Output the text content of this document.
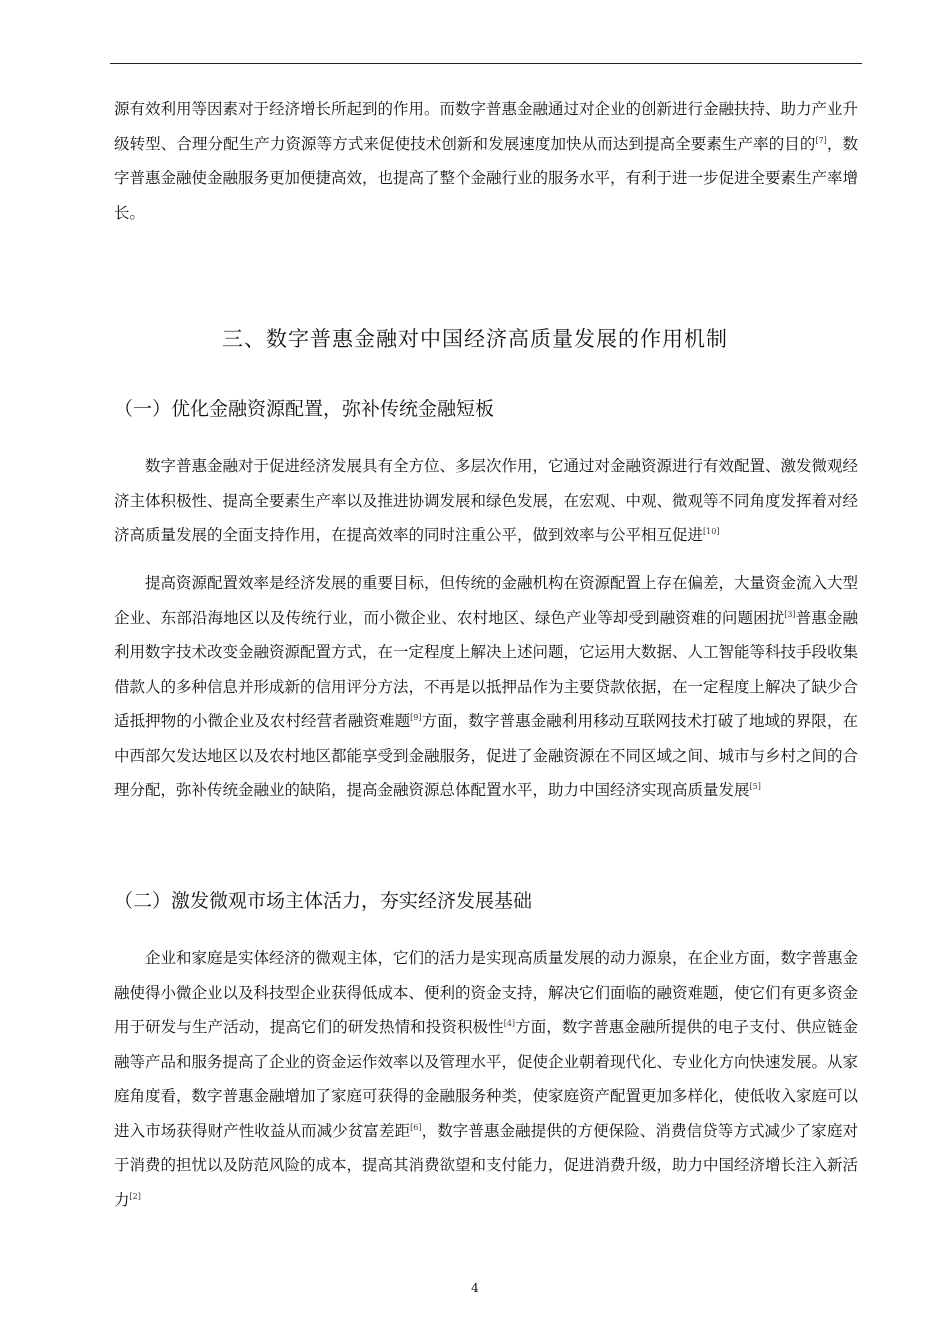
源有效利用等因素对于经济增长所起到的作用。而数字普惠金融通过对企业的创新进行金融扶持、助力产业升级转型、合理分配生产力资源等方式来促使技术创新和发展速度加快从而达到提高全要素生产率的目的[7]，数字普惠金融使金融服务更加便捷高效，也提高了整个金融行业的服务水平，有利于进一步促进全要素生产率增长。

三、数字普惠金融对中国经济高质量发展的作用机制
（一）优化金融资源配置，弥补传统金融短板

数字普惠金融对于促进经济发展具有全方位、多层次作用，它通过对金融资源进行有效配置、激发微观经济主体积极性、提高全要素生产率以及推进协调发展和绿色发展，在宏观、中观、微观等不同角度发挥着对经济高质量发展的全面支持作用，在提高效率的同时注重公平，做到效率与公平相互促进[10]

提高资源配置效率是经济发展的重要目标，但传统的金融机构在资源配置上存在偏差，大量资金流入大型企业、东部沿海地区以及传统行业，而小微企业、农村地区、绿色产业等却受到融资难的问题困扰[3]普惠金融利用数字技术改变金融资源配置方式，在一定程度上解决上述问题，它运用大数据、人工智能等科技手段收集借款人的多种信息并形成新的信用评分方法，不再是以抵押品作为主要贷款依据，在一定程度上解决了缺少合适抵押物的小微企业及农村经营者融资难题[9]方面，数字普惠金融利用移动互联网技术打破了地域的界限，在中西部欠发达地区以及农村地区都能享受到金融服务，促进了金融资源在不同区域之间、城市与乡村之间的合理分配，弥补传统金融业的缺陷，提高金融资源总体配置水平，助力中国经济实现高质量发展[5]

（二）激发微观市场主体活力，夯实经济发展基础

企业和家庭是实体经济的微观主体，它们的活力是实现高质量发展的动力源泉，在企业方面，数字普惠金融使得小微企业以及科技型企业获得低成本、便利的资金支持，解决它们面临的融资难题，使它们有更多资金用于研发与生产活动，提高它们的研发热情和投资积极性[4]方面，数字普惠金融所提供的电子支付、供应链金融等产品和服务提高了企业的资金运作效率以及管理水平，促使企业朝着现代化、专业化方向快速发展。从家庭角度看，数字普惠金融增加了家庭可获得的金融服务种类，使家庭资产配置更加多样化，使低收入家庭可以进入市场获得财产性收益从而减少贫富差距[6]，数字普惠金融提供的方便保险、消费信贷等方式减少了家庭对于消费的担忧以及防范风险的成本，提高其消费欲望和支付能力，促进消费升级，助力中国经济增长注入新活力[2]

4
